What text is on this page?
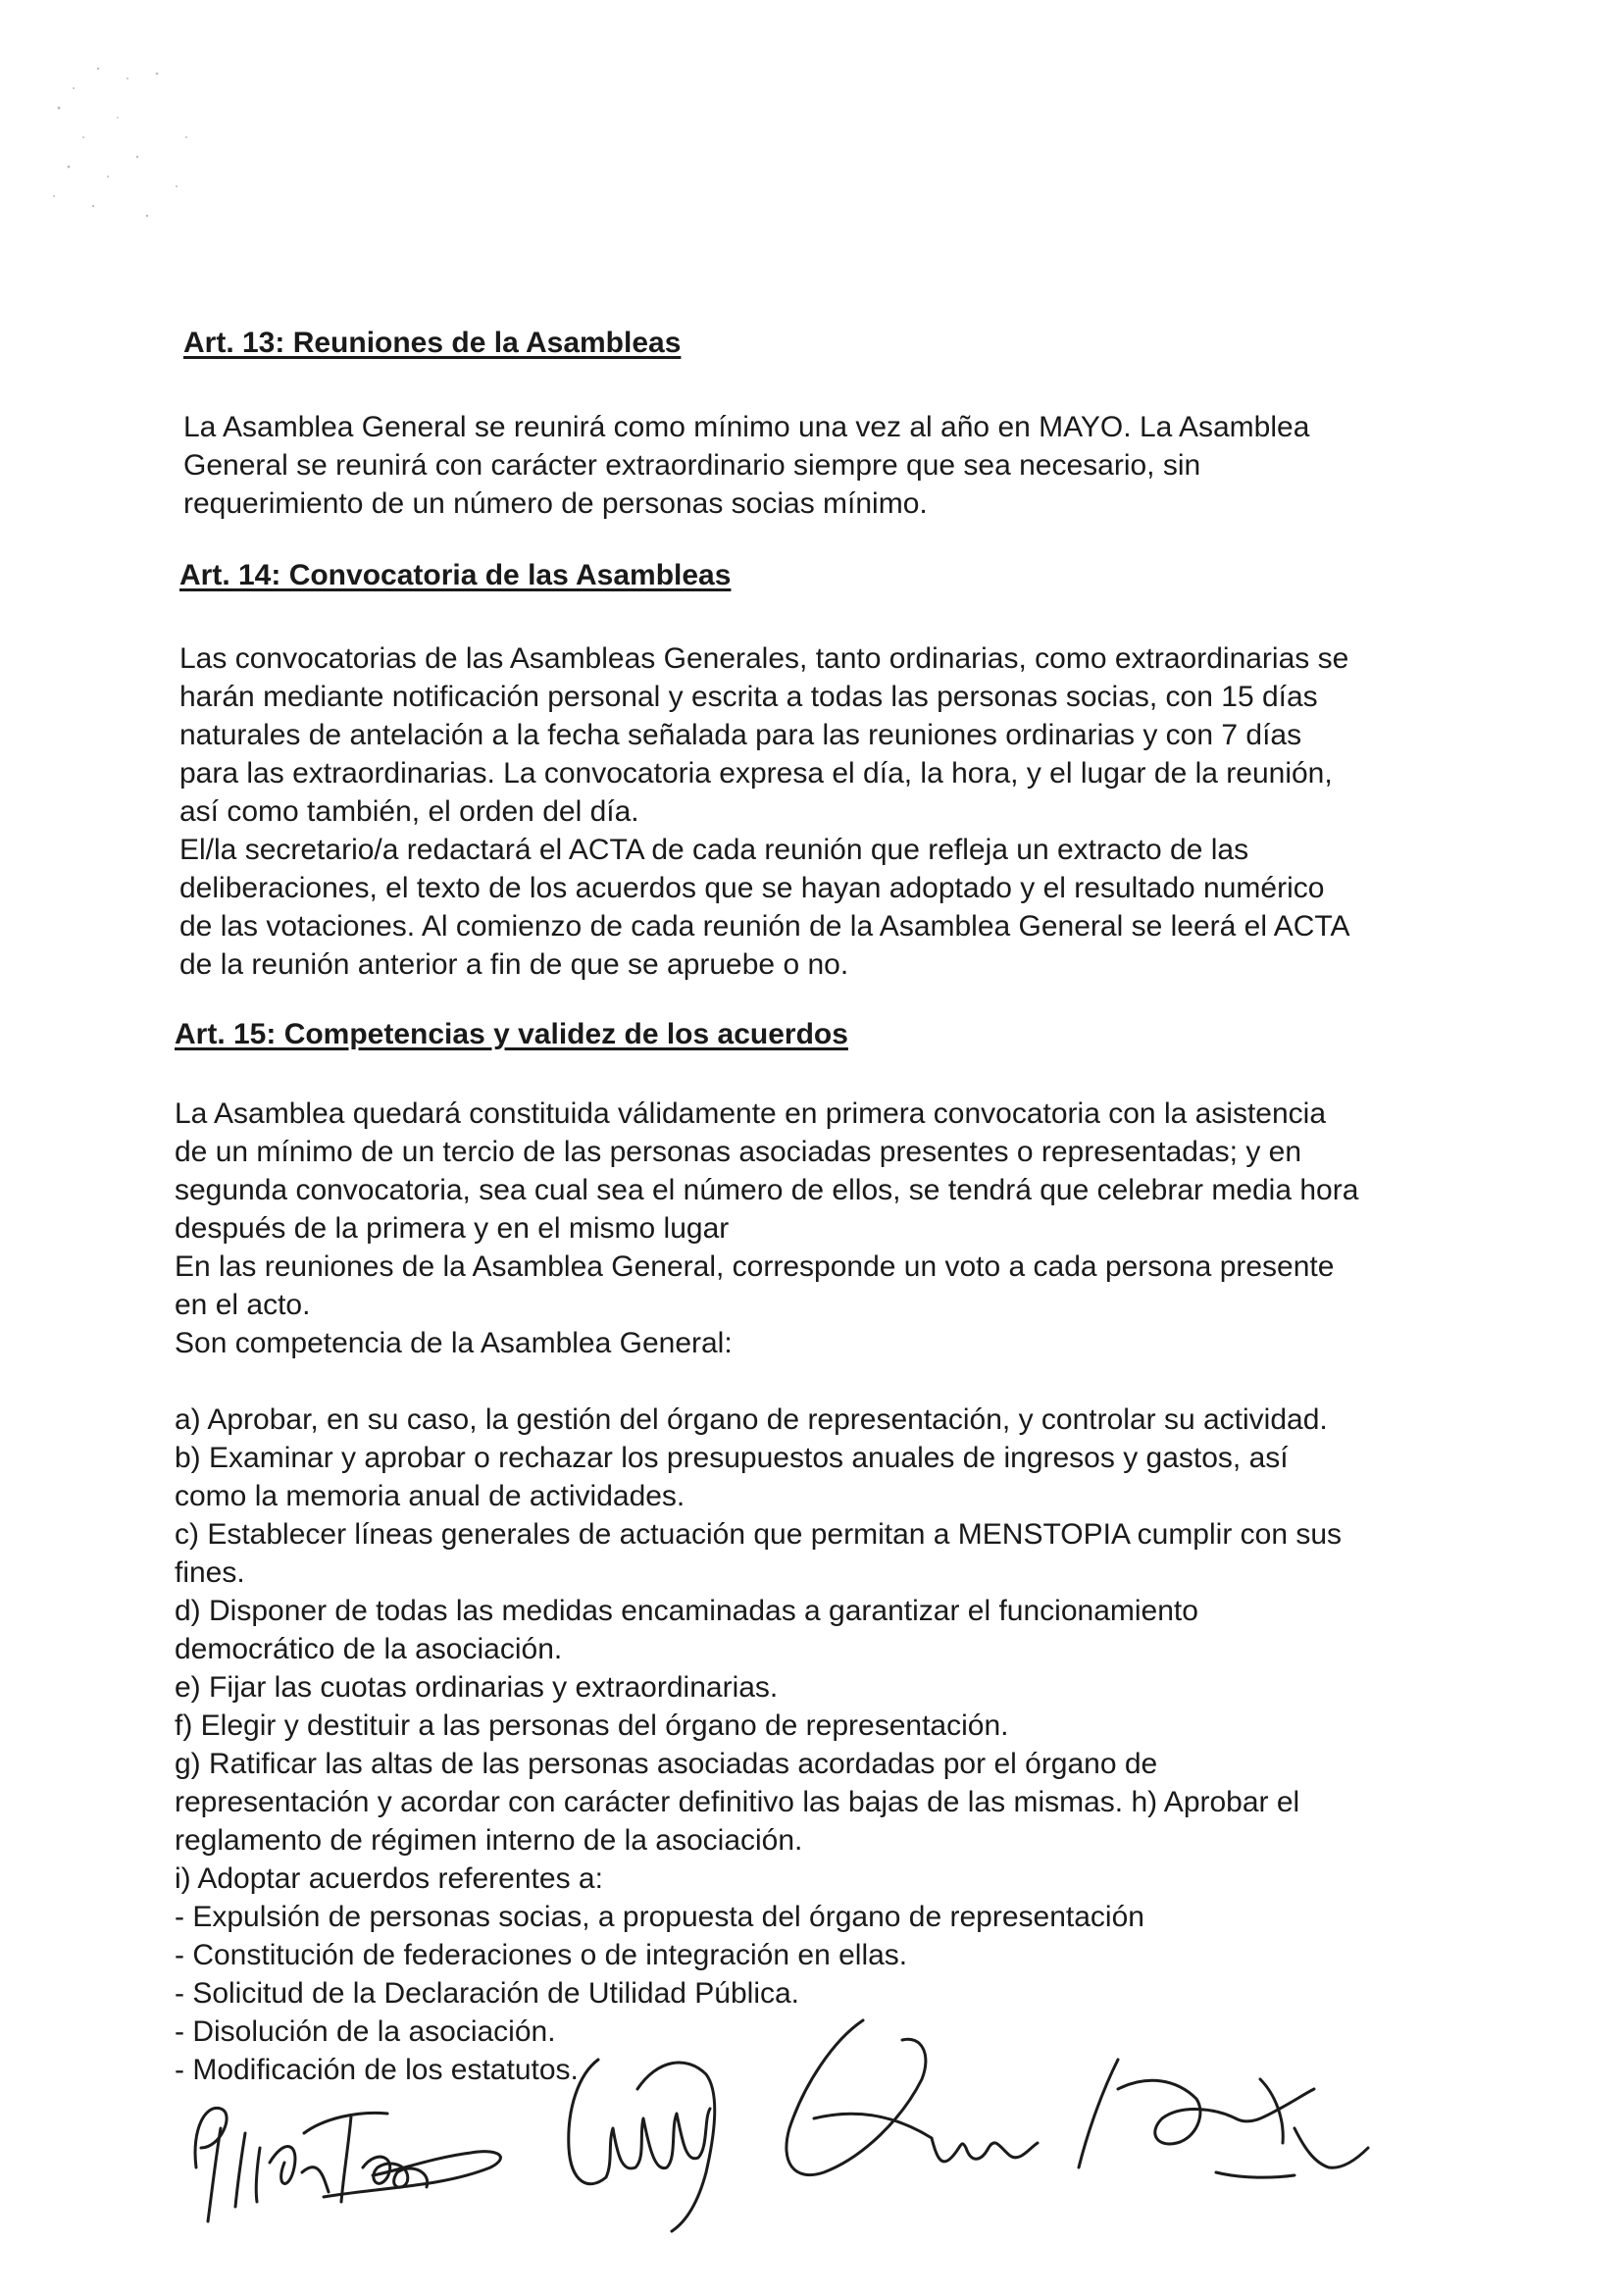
Art. 13: Reuniones de la Asambleas

La Asamblea General se reunirá como mínimo una vez al año en MAYO. La Asamblea

General se reunirá con carácter extraordinario siempre que sea necesario, sin

requerimiento de un número de personas socias mínimo.

Art. 14: Convocatoria de las Asambleas

Las convocatorias de las Asambleas Generales, tanto ordinarias, como extraordinarias se

harán mediante notificación personal y escrita a todas las personas socias, con 15 días

naturales de antelación a la fecha señalada para las reuniones ordinarias y con 7 días

para las extraordinarias. La convocatoria expresa el día, la hora, y el lugar de la reunión,

así como también, el orden del día.

El/la secretario/a redactará el ACTA de cada reunión que refleja un extracto de las

deliberaciones, el texto de los acuerdos que se hayan adoptado y el resultado numérico

de las votaciones. Al comienzo de cada reunión de la Asamblea General se leerá el ACTA

de la reunión anterior a fin de que se apruebe o no.

Art. 15: Competencias y validez de los acuerdos

La Asamblea quedará constituida válidamente en primera convocatoria con la asistencia

de un mínimo de un tercio de las personas asociadas presentes o representadas; y en

segunda convocatoria, sea cual sea el número de ellos, se tendrá que celebrar media hora

después de la primera y en el mismo lugar

En las reuniones de la Asamblea General, corresponde un voto a cada persona presente

en el acto.

Son competencia de la Asamblea General:

a) Aprobar, en su caso, la gestión del órgano de representación, y controlar su actividad.

b) Examinar y aprobar o rechazar los presupuestos anuales de ingresos y gastos, así

como la memoria anual de actividades.

c) Establecer líneas generales de actuación que permitan a MENSTOPIA cumplir con sus

fines.

d) Disponer de todas las medidas encaminadas a garantizar el funcionamiento

democrático de la asociación.

e) Fijar las cuotas ordinarias y extraordinarias.

f) Elegir y destituir a las personas del órgano de representación.

g) Ratificar las altas de las personas asociadas acordadas por el órgano de

representación y acordar con carácter definitivo las bajas de las mismas. h) Aprobar el

reglamento de régimen interno de la asociación.

i) Adoptar acuerdos referentes a:

- Expulsión de personas socias, a propuesta del órgano de representación

- Constitución de federaciones o de integración en ellas.

- Solicitud de la Declaración de Utilidad Pública.

- Disolución de la asociación.

- Modificación de los estatutos.
